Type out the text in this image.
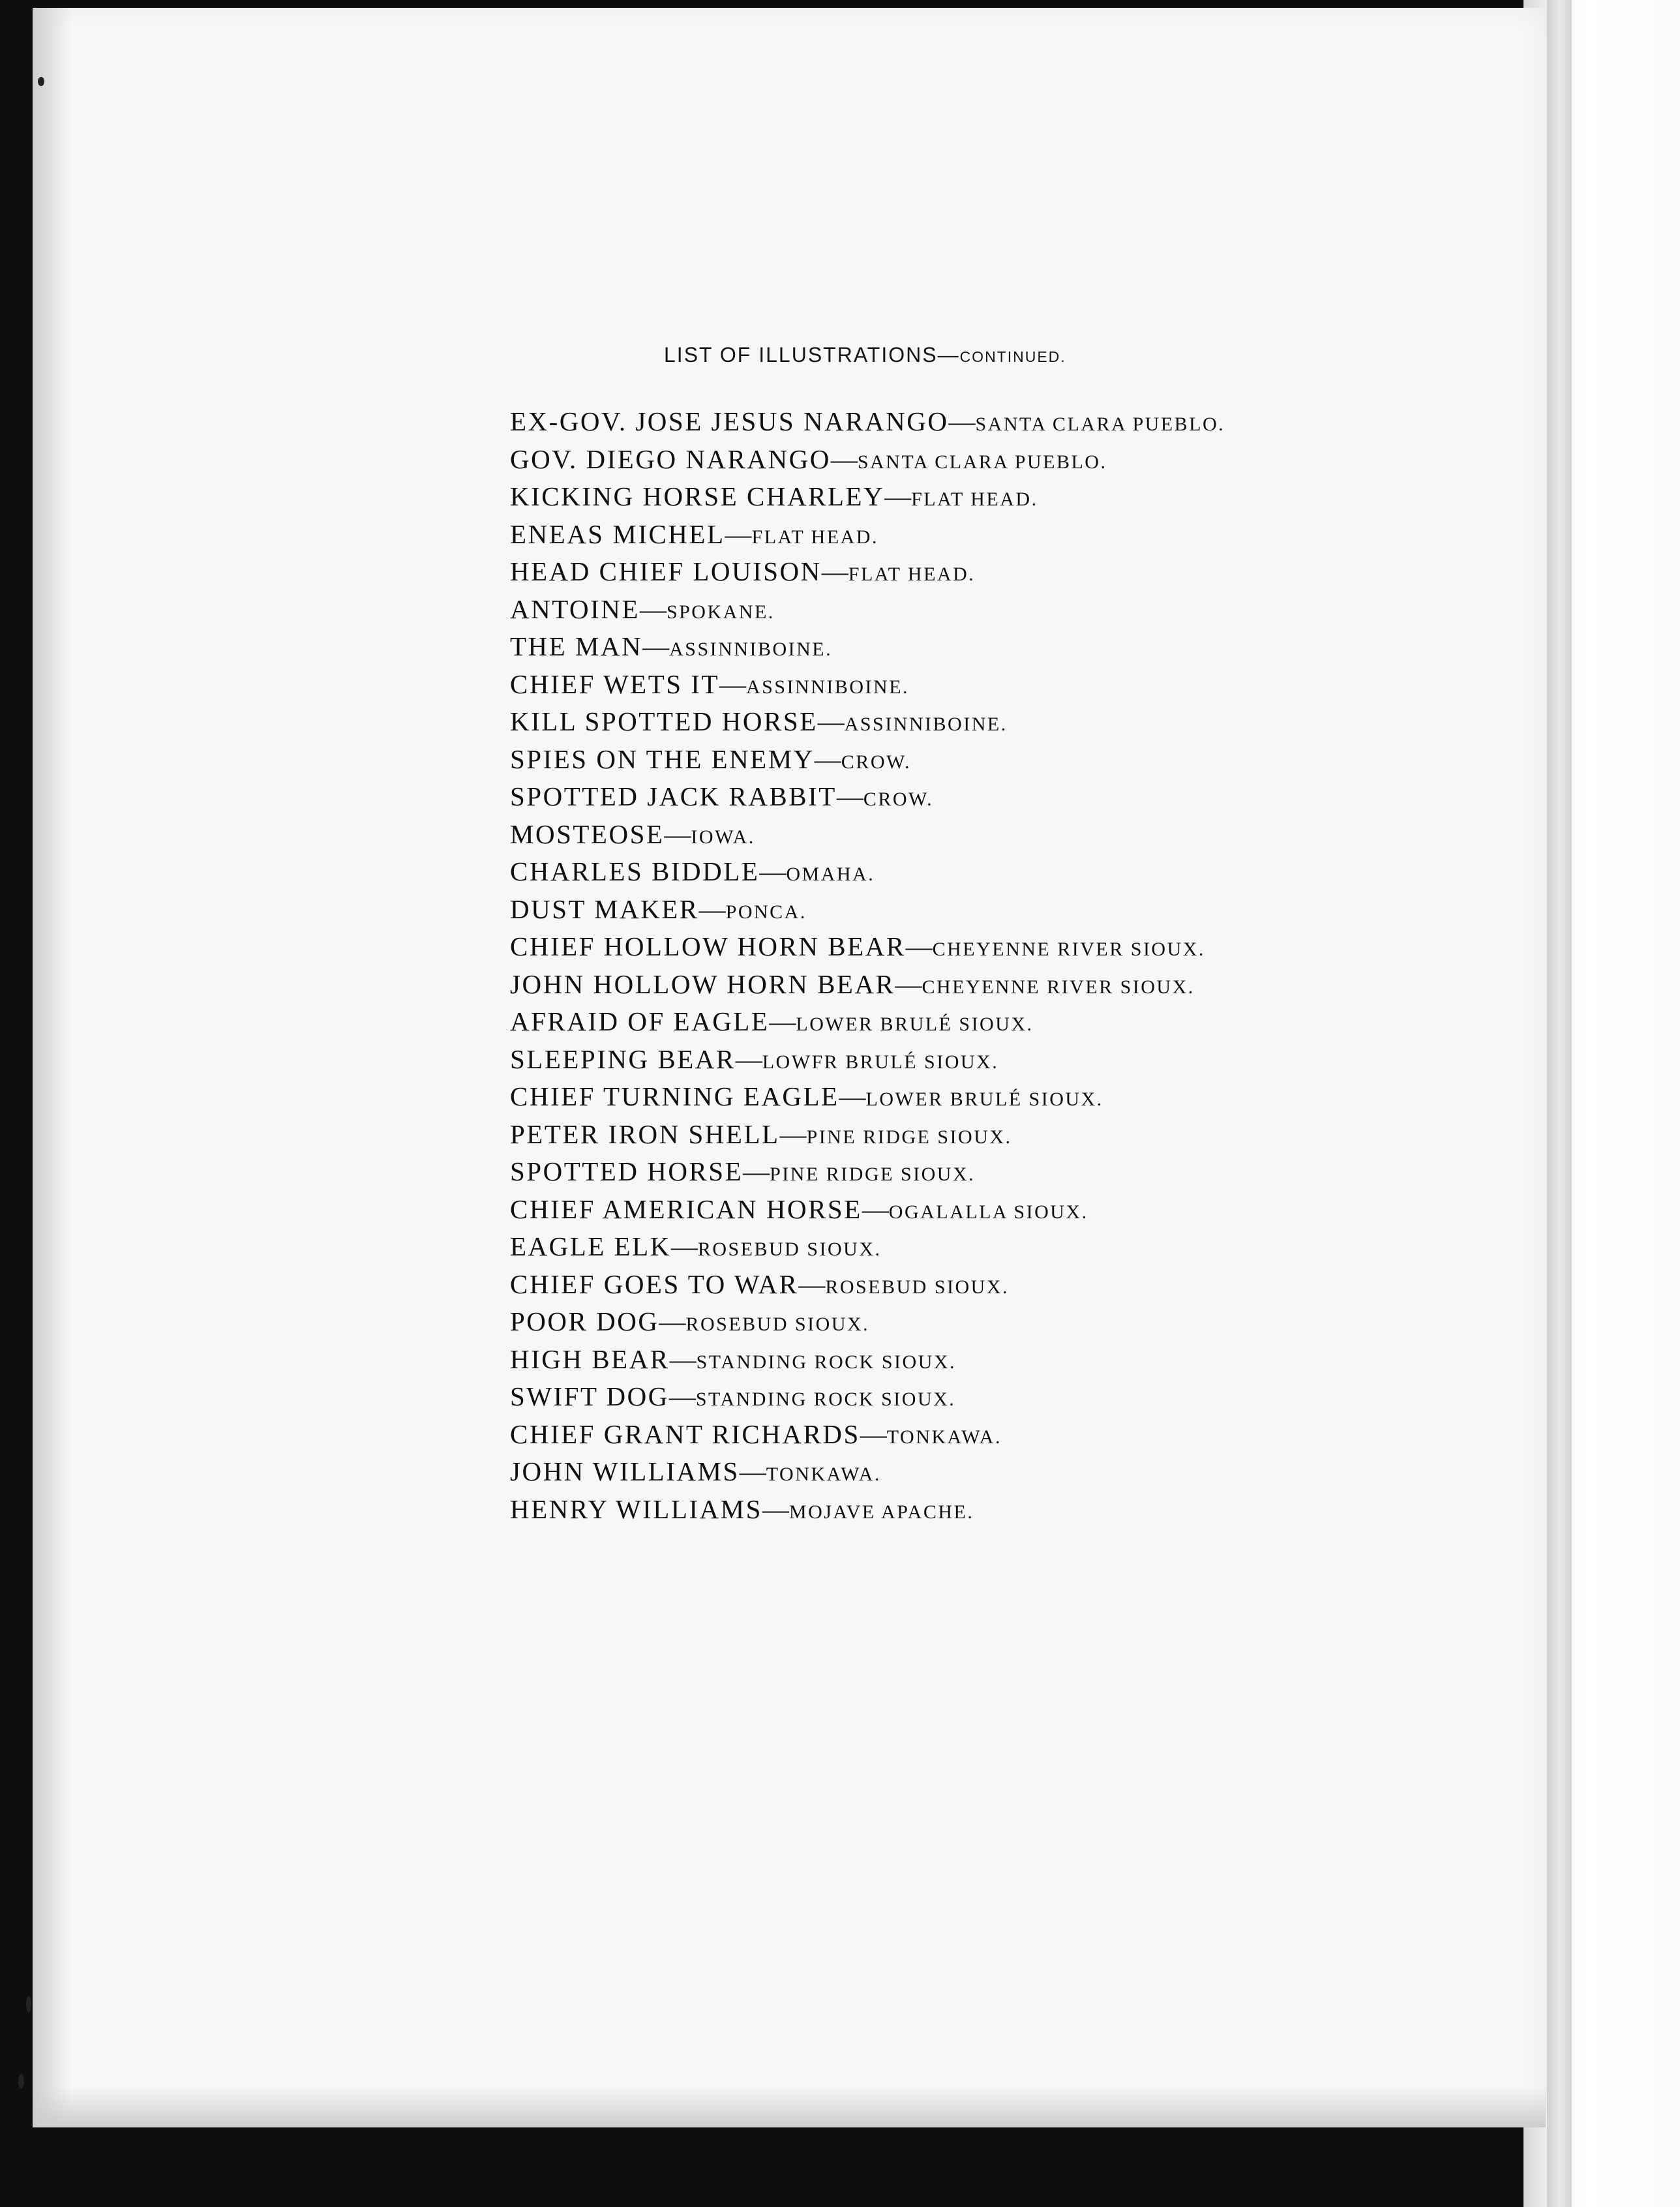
LIST OF ILLUSTRATIONS—CONTINUED.
EX-GOV. JOSE JESUS NARANGO—SANTA CLARA PUEBLO.
GOV. DIEGO NARANGO—SANTA CLARA PUEBLO.
KICKING HORSE CHARLEY—FLAT HEAD.
ENEAS MICHEL—FLAT HEAD.
HEAD CHIEF LOUISON—FLAT HEAD.
ANTOINE—SPOKANE.
THE MAN—ASSINNIBOINE.
CHIEF WETS IT—ASSINNIBOINE.
KILL SPOTTED HORSE—ASSINNIBOINE.
SPIES ON THE ENEMY—CROW.
SPOTTED JACK RABBIT—CROW.
MOSTEOSE—IOWA.
CHARLES BIDDLE—OMAHA.
DUST MAKER—PONCA.
CHIEF HOLLOW HORN BEAR—CHEYENNE RIVER SIOUX.
JOHN HOLLOW HORN BEAR—CHEYENNE RIVER SIOUX.
AFRAID OF EAGLE—LOWER BRULÉ SIOUX.
SLEEPING BEAR—LOWFR BRULÉ SIOUX.
CHIEF TURNING EAGLE—LOWER BRULÉ SIOUX.
PETER IRON SHELL—PINE RIDGE SIOUX.
SPOTTED HORSE—PINE RIDGE SIOUX.
CHIEF AMERICAN HORSE—OGALALLA SIOUX.
EAGLE ELK—ROSEBUD SIOUX.
CHIEF GOES TO WAR—ROSEBUD SIOUX.
POOR DOG—ROSEBUD SIOUX.
HIGH BEAR—STANDING ROCK SIOUX.
SWIFT DOG—STANDING ROCK SIOUX.
CHIEF GRANT RICHARDS—TONKAWA.
JOHN WILLIAMS—TONKAWA.
HENRY WILLIAMS—MOJAVE APACHE.
